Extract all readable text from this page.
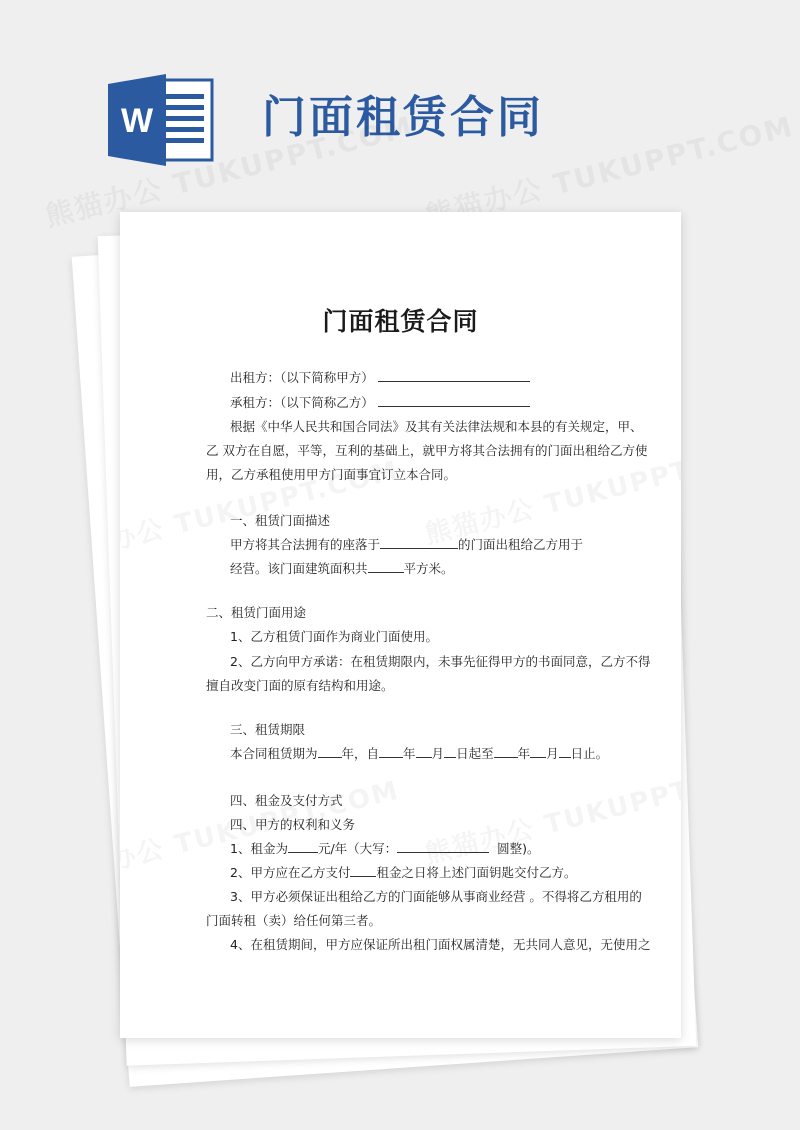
W 门面租赁合同
门面租赁合同
出租方：（以下简称甲方）
承租方：（以下简称乙方）
根据《中华人民共和国合同法》及其有关法律法规和本县的有关规定，甲、
乙 双方在自愿，平等，互利的基础上，就甲方将其合法拥有的门面出租给乙方使
用，乙方承租使用甲方门面事宜订立本合同。
一、租赁门面描述
甲方将其合法拥有的座落于	的门面出租给乙方用于
经营。该门面建筑面积共	平方米。
二、租赁门面用途
1、乙方租赁门面作为商业门面使用。
2、乙方向甲方承诺：在租赁期限内，未事先征得甲方的书面同意，乙方不得
擅自改变门面的原有结构和用途。
三、租赁期限
本合同租赁期为 年，自 年 月 日起至 年 月 日止。
四、租金及支付方式
四、甲方的权利和义务
1、租金为 元/年（大写：	圆整)。
2、甲方应在乙方支付 租金之日将上述门面钥匙交付乙方。
3、甲方必须保证出租给乙方的门面能够从事商业经营 。不得将乙方租用的
门面转租（卖）给任何第三者。
4、在租赁期间，甲方应保证所出租门面权属清楚，无共同人意见，无使用之
